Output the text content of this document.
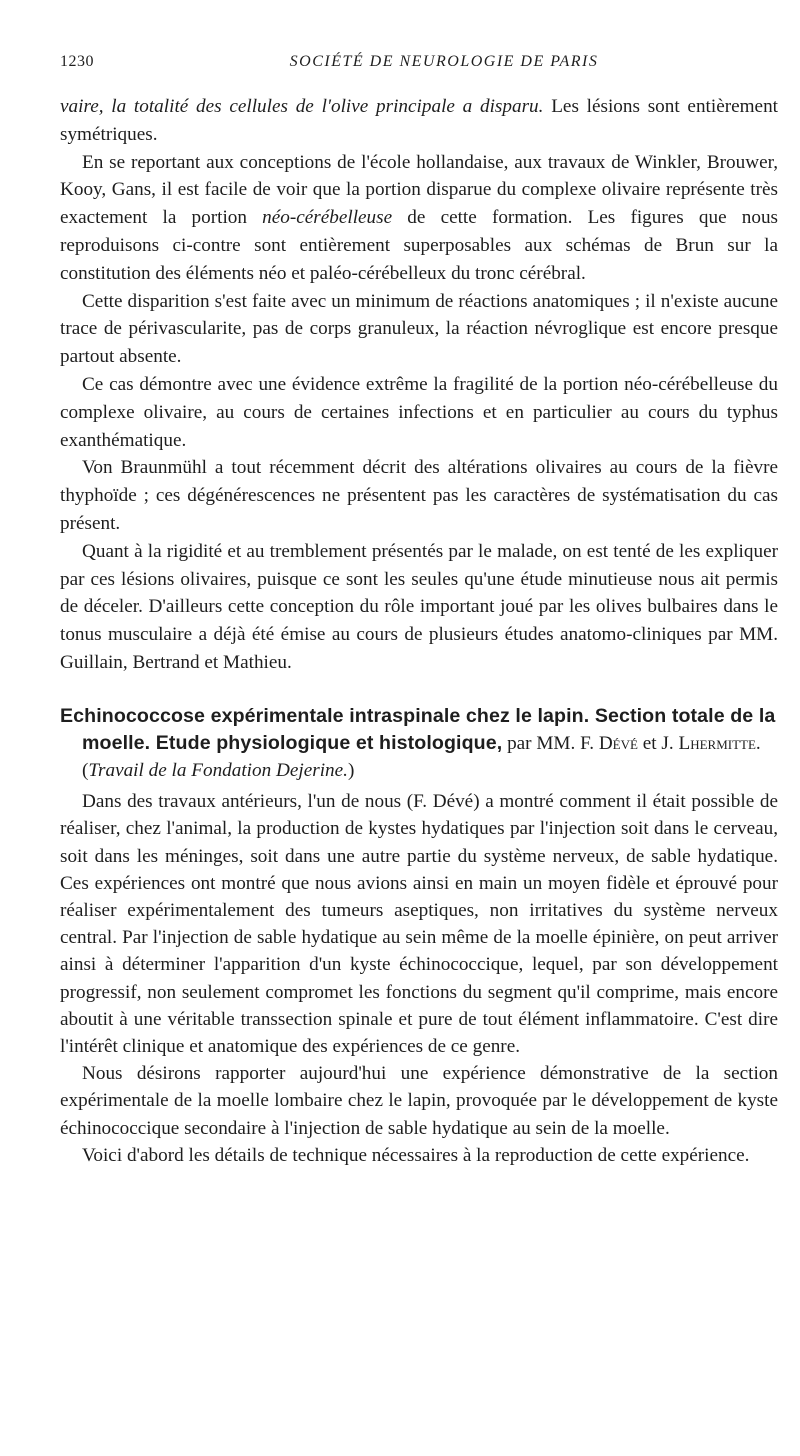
1230	SOCIÉTÉ DE NEUROLOGIE DE PARIS

vaire, la totalité des cellules de l'olive principale a disparu. Les lésions sont entièrement symétriques.

En se reportant aux conceptions de l'école hollandaise, aux travaux de Winkler, Brouwer, Kooy, Gans, il est facile de voir que la portion disparue du complexe olivaire représente très exactement la portion néo-cérébelleuse de cette formation. Les figures que nous reproduisons ci-contre sont entièrement superposables aux schémas de Brun sur la constitution des éléments néo et paléo-cérébelleux du tronc cérébral.

Cette disparition s'est faite avec un minimum de réactions anatomiques ; il n'existe aucune trace de périvascularite, pas de corps granuleux, la réaction névroglique est encore presque partout absente.

Ce cas démontre avec une évidence extrême la fragilité de la portion néo-cérébelleuse du complexe olivaire, au cours de certaines infections et en particulier au cours du typhus exanthématique.

Von Braunmühl a tout récemment décrit des altérations olivaires au cours de la fièvre thyphoïde ; ces dégénérescences ne présentent pas les caractères de systématisation du cas présent.

Quant à la rigidité et au tremblement présentés par le malade, on est tenté de les expliquer par ces lésions olivaires, puisque ce sont les seules qu'une étude minutieuse nous ait permis de déceler. D'ailleurs cette conception du rôle important joué par les olives bulbaires dans le tonus musculaire a déjà été émise au cours de plusieurs études anatomo-cliniques par MM. Guillain, Bertrand et Mathieu.

Echinococcose expérimentale intraspinale chez le lapin. Section totale de la moelle. Etude physiologique et histologique, par MM. F. Dévé et J. Lhermitte. (Travail de la Fondation Dejerine.)

Dans des travaux antérieurs, l'un de nous (F. Dévé) a montré comment il était possible de réaliser, chez l'animal, la production de kystes hydatiques par l'injection soit dans le cerveau, soit dans les méninges, soit dans une autre partie du système nerveux, de sable hydatique. Ces expériences ont montré que nous avions ainsi en main un moyen fidèle et éprouvé pour réaliser expérimentalement des tumeurs aseptiques, non irritatives du système nerveux central. Par l'injection de sable hydatique au sein même de la moelle épinière, on peut arriver ainsi à déterminer l'apparition d'un kyste échinococcique, lequel, par son développement progressif, non seulement compromet les fonctions du segment qu'il comprime, mais encore aboutit à une véritable transsection spinale et pure de tout élément inflammatoire. C'est dire l'intérêt clinique et anatomique des expériences de ce genre.

Nous désirons rapporter aujourd'hui une expérience démonstrative de la section expérimentale de la moelle lombaire chez le lapin, provoquée par le développement de kyste échinococcique secondaire à l'injection de sable hydatique au sein de la moelle.

Voici d'abord les détails de technique nécessaires à la reproduction de cette expérience.
